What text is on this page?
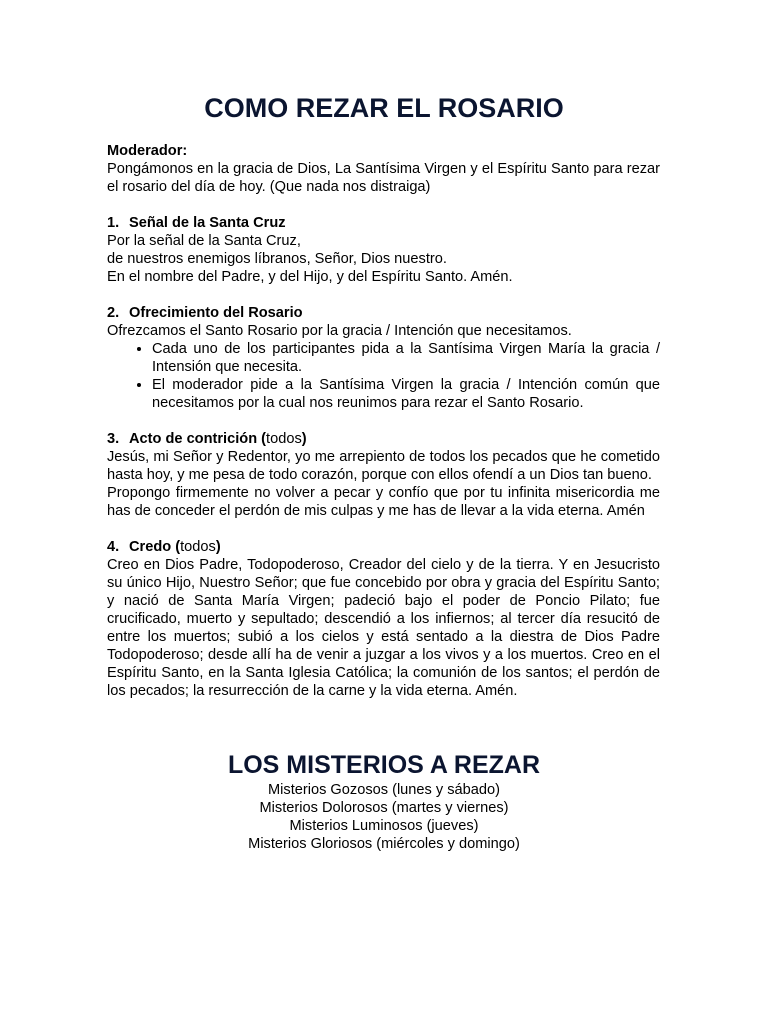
COMO REZAR EL ROSARIO
Moderador:

Pongámonos en la gracia de Dios, La Santísima Virgen y el Espíritu Santo para rezar el rosario del día de hoy. (Que nada nos distraiga)

1. Señal de la Santa Cruz

Por la señal de la Santa Cruz,

de nuestros enemigos líbranos, Señor, Dios nuestro.

En el nombre del Padre, y del Hijo, y del Espíritu Santo. Amén.

2. Ofrecimiento del Rosario

Ofrezcamos el Santo Rosario por la gracia / Intención que necesitamos.

• Cada uno de los participantes pida a la Santísima Virgen María la gracia / Intensión que necesita.
• El moderador pide a la Santísima Virgen la gracia / Intención común que necesitamos por la cual nos reunimos para rezar el Santo Rosario.
3. Acto de contrición (todos)

Jesús, mi Señor y Redentor, yo me arrepiento de todos los pecados que he cometido hasta hoy, y me pesa de todo corazón, porque con ellos ofendí a un Dios tan bueno.

Propongo firmemente no volver a pecar y confío que por tu infinita misericordia me has de conceder el perdón de mis culpas y me has de llevar a la vida eterna. Amén

4. Credo (todos)

Creo en Dios Padre, Todopoderoso, Creador del cielo y de la tierra. Y en Jesucristo su único Hijo, Nuestro Señor; que fue concebido por obra y gracia del Espíritu Santo; y nació de Santa María Virgen; padeció bajo el poder de Poncio Pilato; fue crucificado, muerto y sepultado; descendió a los infiernos; al tercer día resucitó de entre los muertos; subió a los cielos y está sentado a la diestra de Dios Padre Todopoderoso; desde allí ha de venir a juzgar a los vivos y a los muertos. Creo en el Espíritu Santo, en la Santa Iglesia Católica; la comunión de los santos; el perdón de los pecados; la resurrección de la carne y la vida eterna. Amén.

LOS MISTERIOS A REZAR
Misterios Gozosos (lunes y sábado)
Misterios Dolorosos (martes y viernes)
Misterios Luminosos (jueves)
Misterios Gloriosos (miércoles y domingo)
